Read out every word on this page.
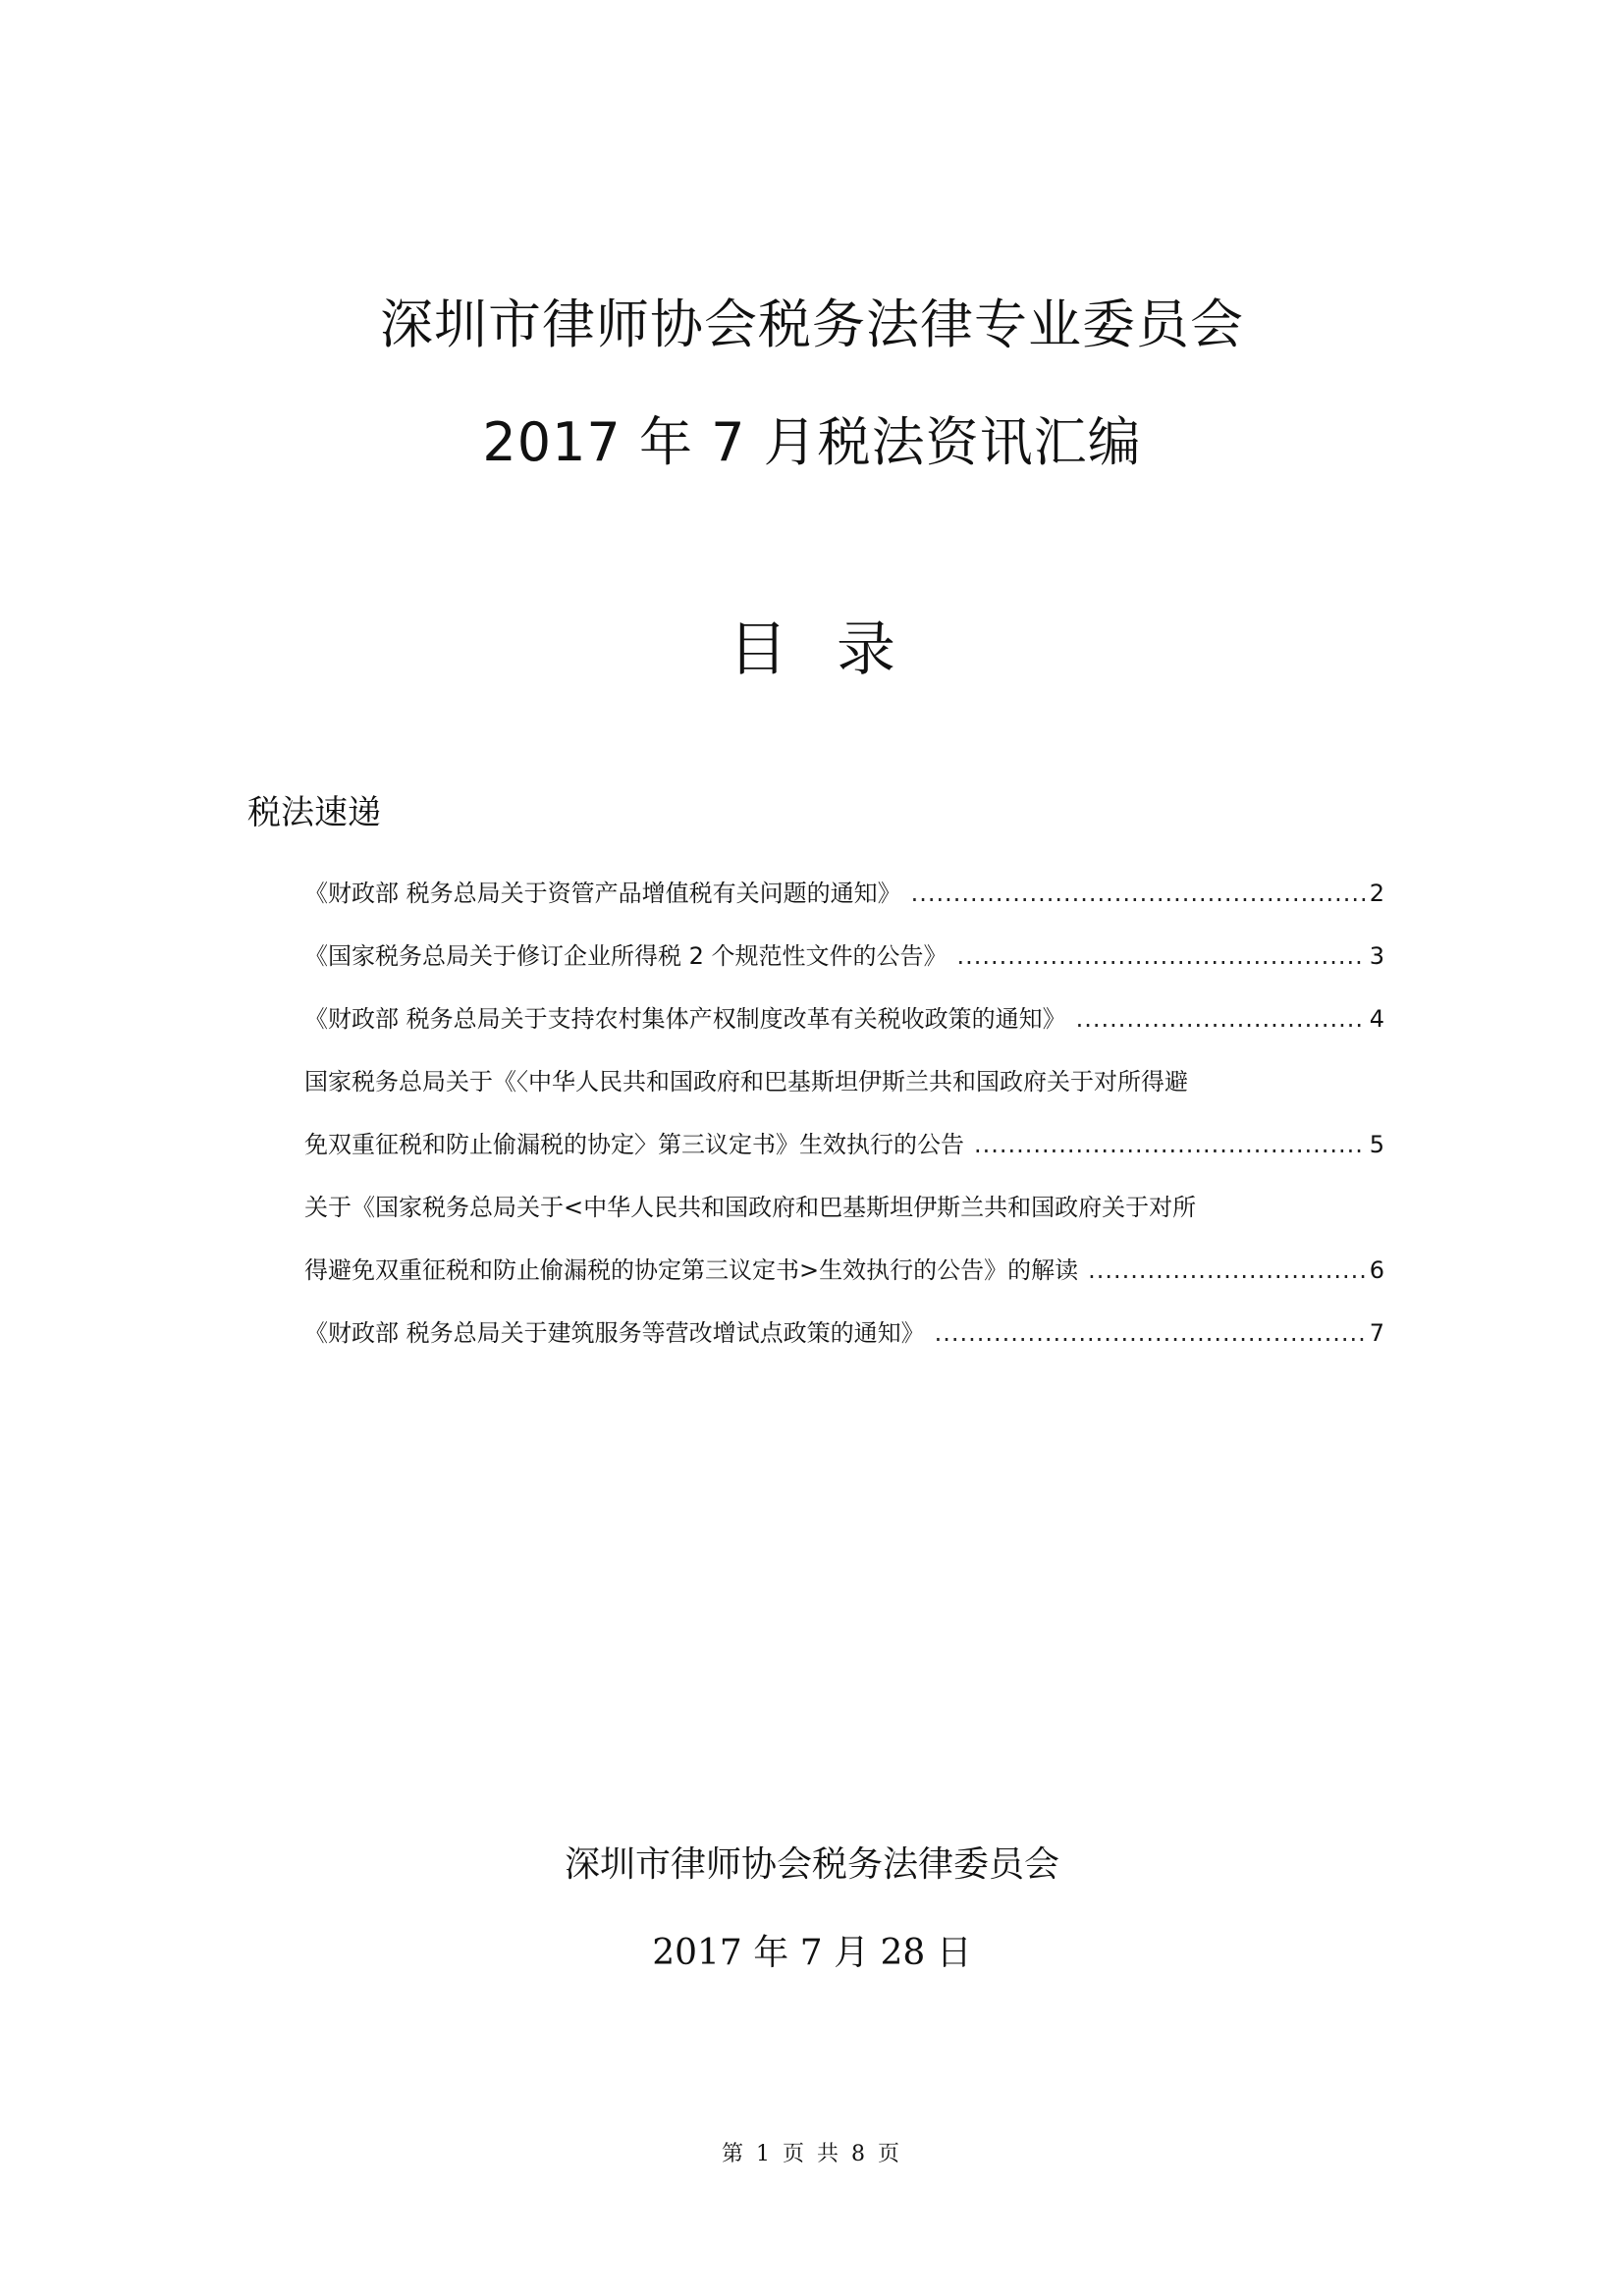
深圳市律师协会税务法律专业委员会
2017 年 7 月税法资讯汇编
目录
税法速递
《财政部 税务总局关于资管产品增值税有关问题的通知》 .....	2
《国家税务总局关于修订企业所得税 2 个规范性文件的公告》 .....	3
《财政部 税务总局关于支持农村集体产权制度改革有关税收政策的通知》 .....	4
国家税务总局关于《〈中华人民共和国政府和巴基斯坦伊斯兰共和国政府关于对所得避
免双重征税和防止偷漏税的协定〉第三议定书》生效执行的公告 .....	5
关于《国家税务总局关于<中华人民共和国政府和巴基斯坦伊斯兰共和国政府关于对所
得避免双重征税和防止偷漏税的协定第三议定书>生效执行的公告》的解读 .....	6
《财政部 税务总局关于建筑服务等营改增试点政策的通知》 .....	7
深圳市律师协会税务法律委员会
2017 年 7 月 28 日
第 1 页 共 8 页
